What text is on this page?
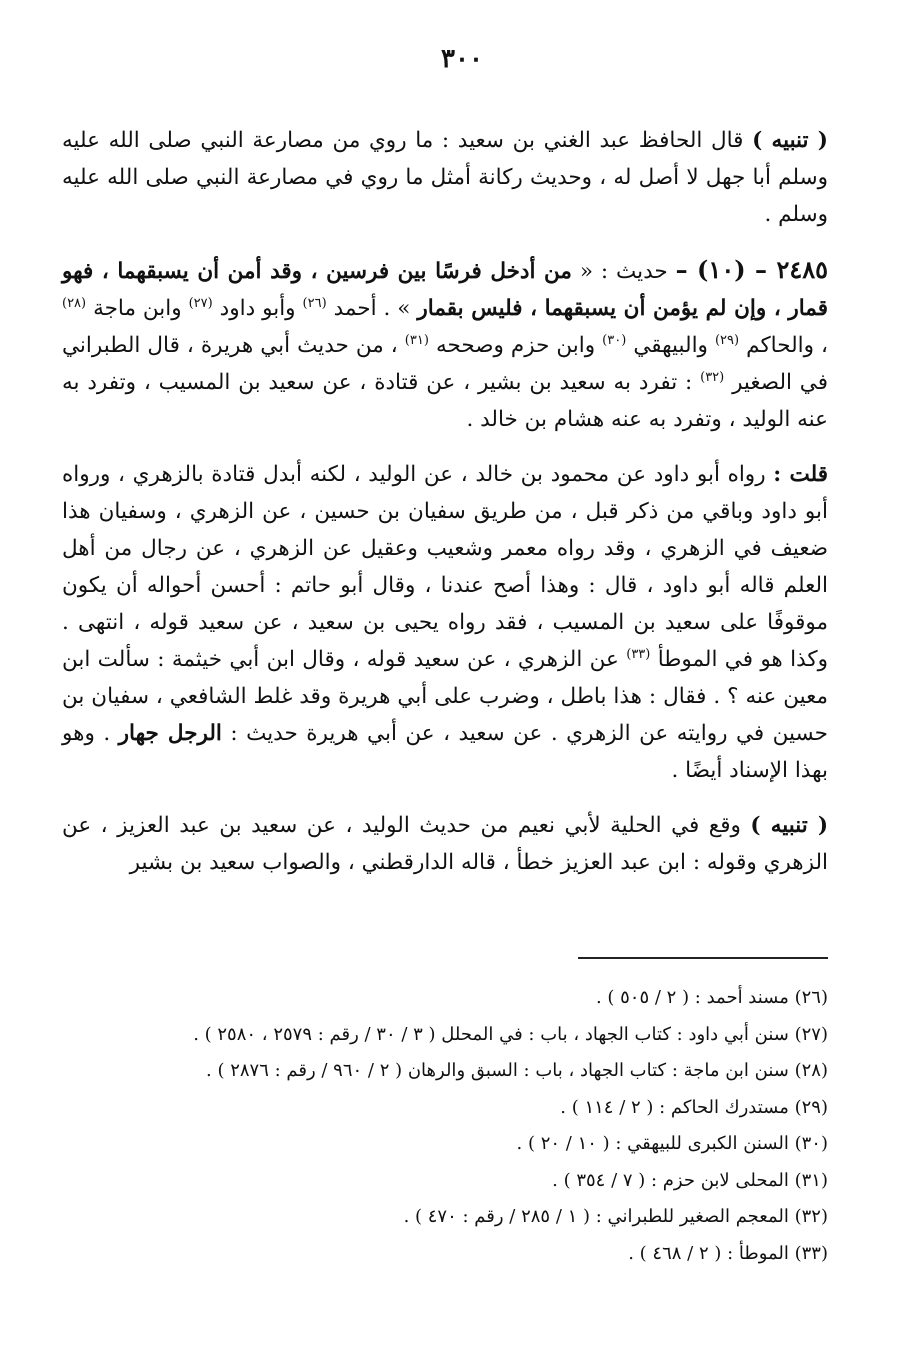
٣٠٠

( تنبيه ) قال الحافظ عبد الغني بن سعيد : ما روي من مصارعة النبي صلى الله عليه وسلم أبا جهل لا أصل له ، وحديث ركانة أمثل ما روي في مصارعة النبي صلى الله عليه وسلم .

٢٤٨٥ – (١٠) – حديث : « من أدخل فرسًا بين فرسين ، وقد أمن أن يسبقهما ، فهو قمار ، وإن لم يؤمن أن يسبقهما ، فليس بقمار » . أحمد $^{(٢٦)}$ وأبو داود $^{(٢٧)}$ وابن ماجة $^{(٢٨)}$ ، والحاكم $^{(٢٩)}$ والبيهقي $^{(٣٠)}$ وابن حزم وصححه $^{(٣١)}$ ، من حديث أبي هريرة ، قال الطبراني في الصغير $^{(٣٢)}$ : تفرد به سعيد بن بشير ، عن قتادة ، عن سعيد بن المسيب ، وتفرد به عنه الوليد ، وتفرد به عنه هشام بن خالد .

قلت : رواه أبو داود عن محمود بن خالد ، عن الوليد ، لكنه أبدل قتادة بالزهري ، ورواه أبو داود وباقي من ذكر قبل ، من طريق سفيان بن حسين ، عن الزهري ، وسفيان هذا ضعيف في الزهري ، وقد رواه معمر وشعيب وعقيل عن الزهري ، عن رجال من أهل العلم قاله أبو داود ، قال : وهذا أصح عندنا ، وقال أبو حاتم : أحسن أحواله أن يكون موقوفًا على سعيد بن المسيب ، فقد رواه يحيى بن سعيد ، عن سعيد قوله ، انتهى . وكذا هو في الموطأ $^{(٣٣)}$ عن الزهري ، عن سعيد قوله ، وقال ابن أبي خيثمة : سألت ابن معين عنه ؟ . فقال : هذا باطل ، وضرب على أبي هريرة وقد غلط الشافعي ، سفيان بن حسين في روايته عن الزهري . عن سعيد ، عن أبي هريرة حديث : الرجل جهار . وهو بهذا الإسناد أيضًا .

( تنبيه ) وقع في الحلية لأبي نعيم من حديث الوليد ، عن سعيد بن عبد العزيز ، عن الزهري وقوله : ابن عبد العزيز خطأ ، قاله الدارقطني ، والصواب سعيد بن بشير

(٢٦) مسند أحمد : ( ٢ / ٥٠٥ ) .
(٢٧) سنن أبي داود : كتاب الجهاد ، باب : في المحلل ( ٣ / ٣٠ / رقم : ٢٥٧٩ ، ٢٥٨٠ ) .
(٢٨) سنن ابن ماجة : كتاب الجهاد ، باب : السبق والرهان ( ٢ / ٩٦٠ / رقم : ٢٨٧٦ ) .
(٢٩) مستدرك الحاكم : ( ٢ / ١١٤ ) .
(٣٠) السنن الكبرى للبيهقي : ( ١٠ / ٢٠ ) .
(٣١) المحلى لابن حزم : ( ٧ / ٣٥٤ ) .
(٣٢) المعجم الصغير للطبراني : ( ١ / ٢٨٥ / رقم : ٤٧٠ ) .
(٣٣) الموطأ : ( ٢ / ٤٦٨ ) .
